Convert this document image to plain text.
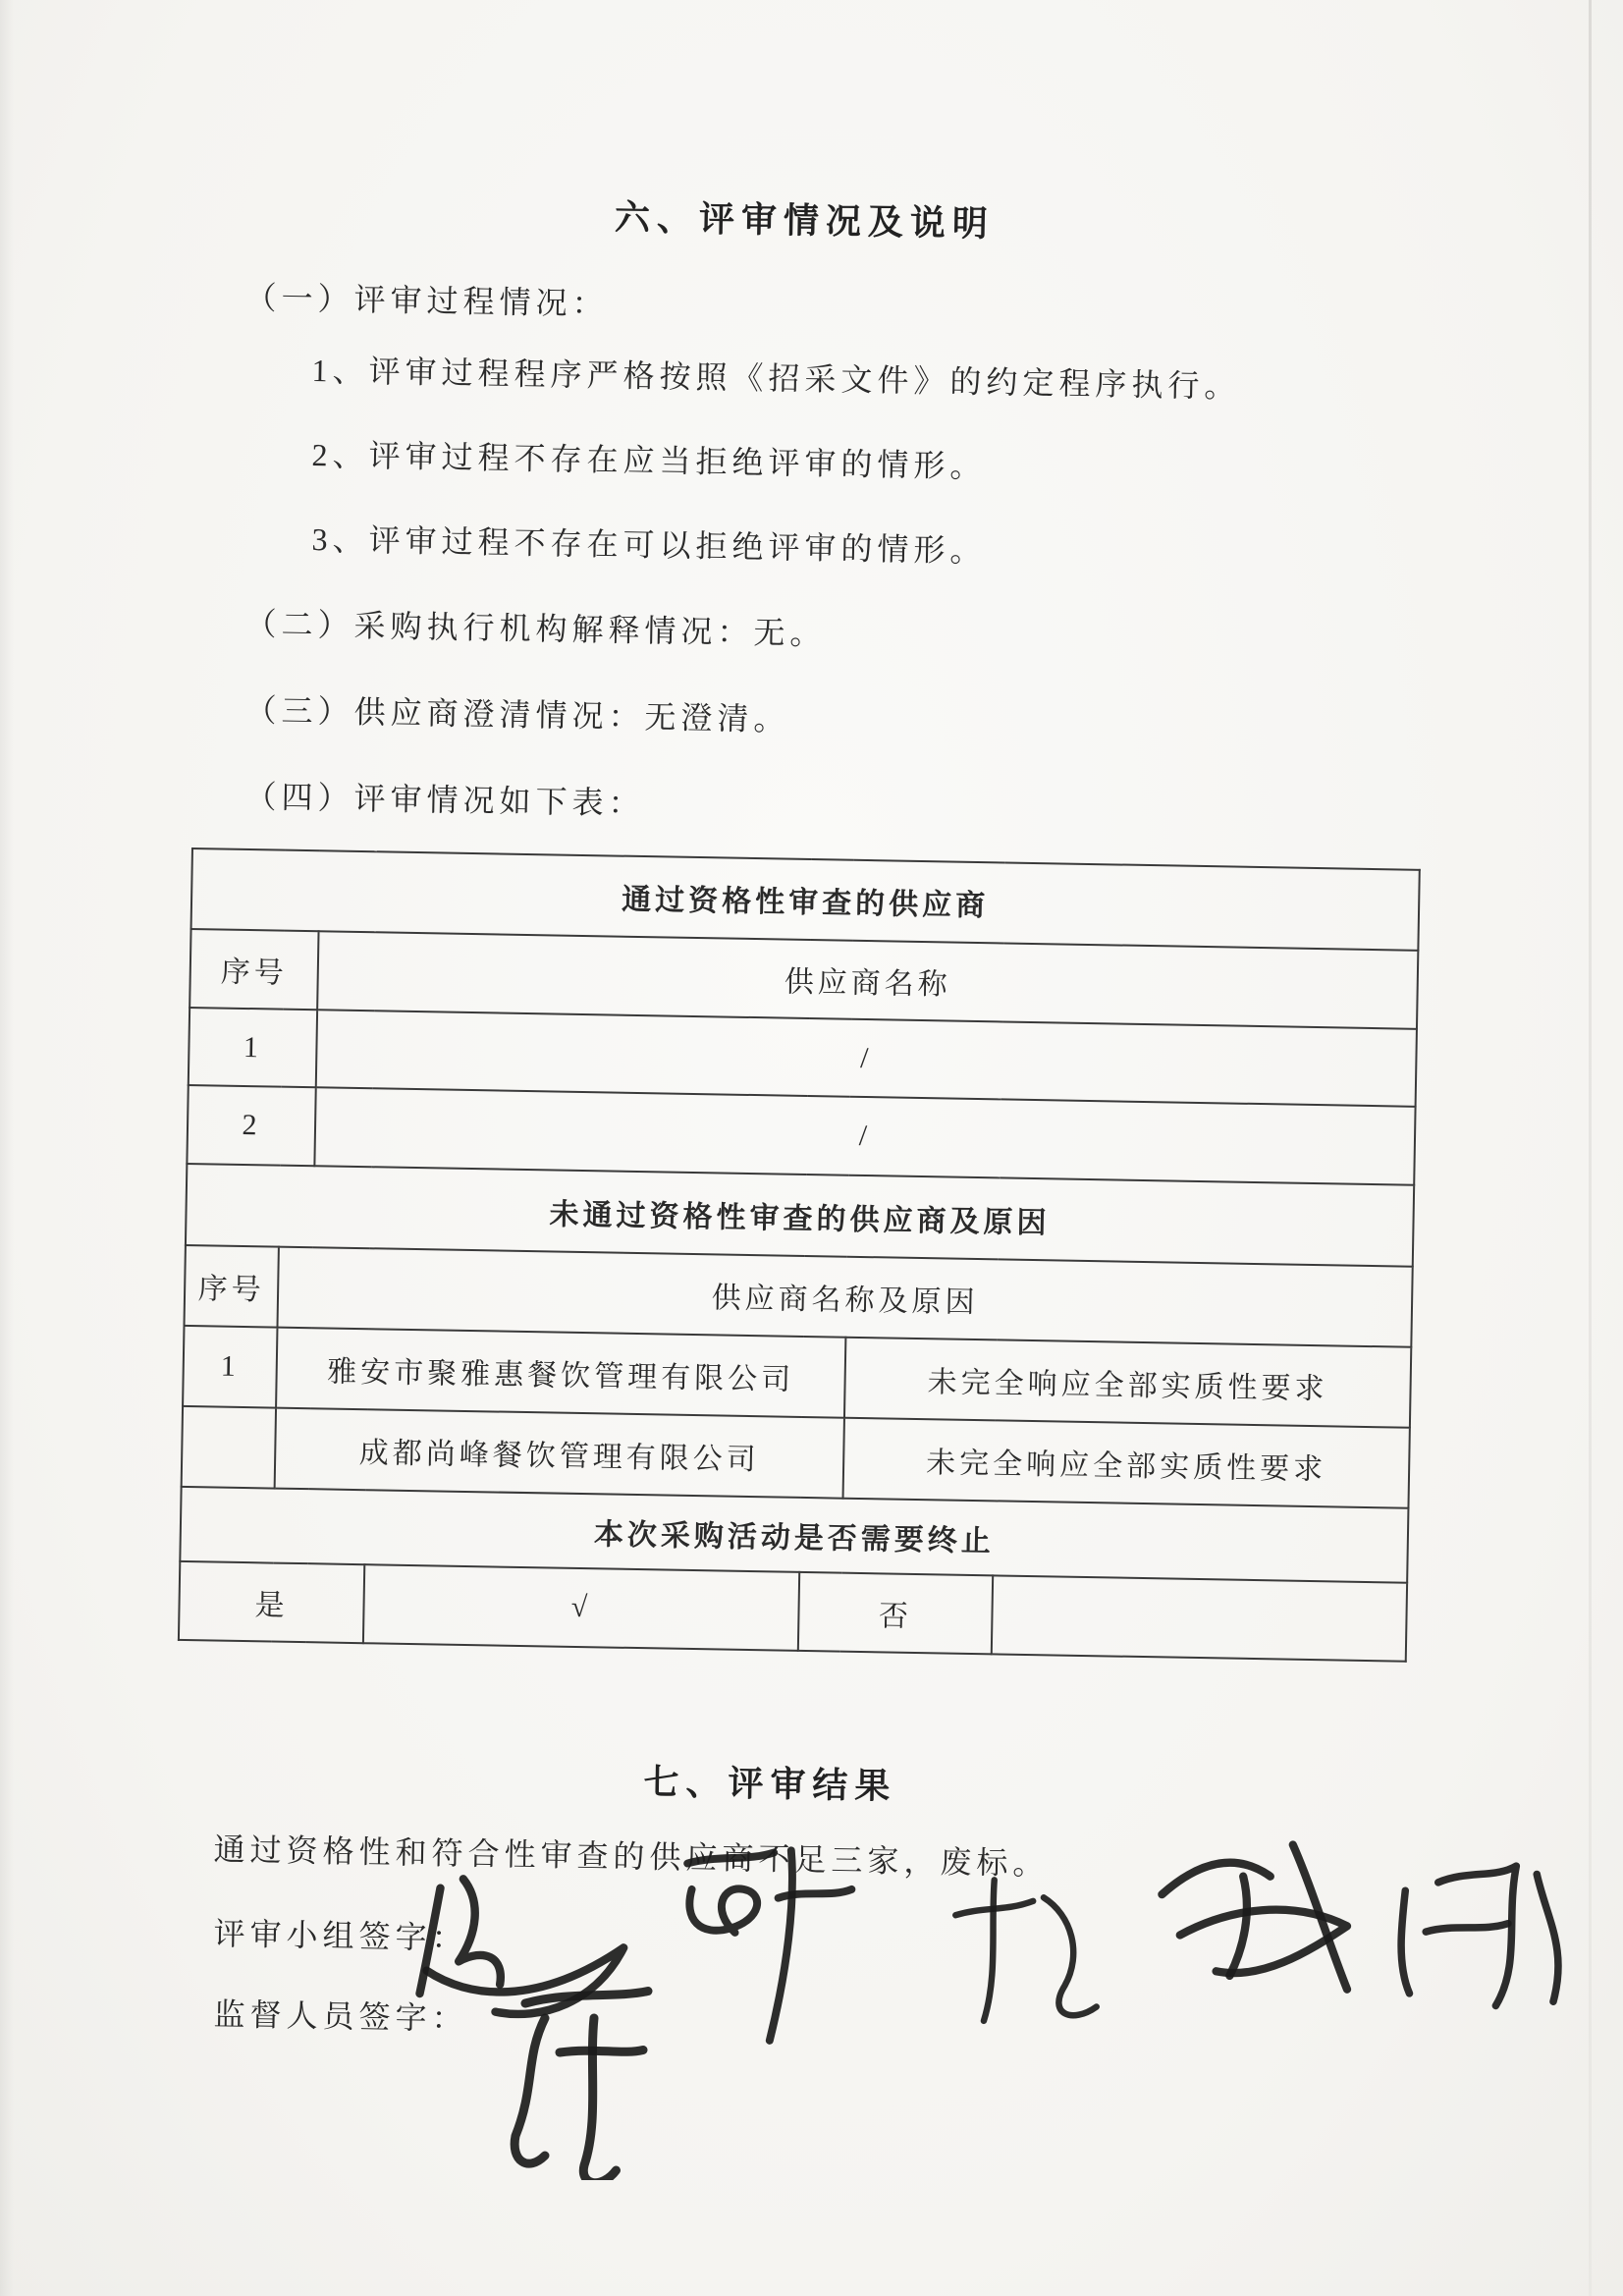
六、评审情况及说明
（一）评审过程情况：
1、评审过程程序严格按照《招采文件》的约定程序执行。
2、评审过程不存在应当拒绝评审的情形。
3、评审过程不存在可以拒绝评审的情形。
（二）采购执行机构解释情况：无。
（三）供应商澄清情况：无澄清。
（四）评审情况如下表：
通过资格性审查的供应商						
序号		供应商名称				
1		/				
2		/				
未通过资格性审查的供应商及原因						
序号	供应商名称及原因					
1	雅安市聚雅惠餐饮管理有限公司				未完全响应全部实质性要求	
	成都尚峰餐饮管理有限公司				未完全响应全部实质性要求	
本次采购活动是否需要终止						
是			√	否		
七、评审结果
通过资格性和符合性审查的供应商不足三家，废标。
评审小组签字：
监督人员签字：
